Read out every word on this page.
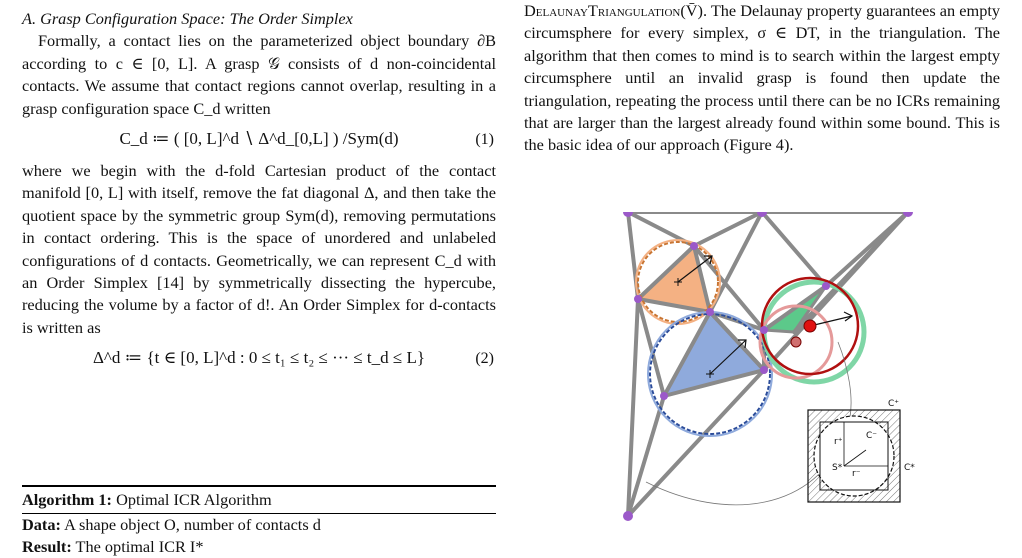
A. Grasp Configuration Space: The Order Simplex

Formally, a contact lies on the parameterized object boundary ∂B according to c ∈ [0, L]. A grasp 𝒢 consists of d non-coincidental contacts. We assume that contact regions cannot overlap, resulting in a grasp configuration space C_d written

C_d ≔ ( [0, L]^d ∖ Δ^d_[0,L] ) /Sym(d)	(1)

where we begin with the d-fold Cartesian product of the contact manifold [0, L] with itself, remove the fat diagonal Δ, and then take the quotient space by the symmetric group Sym(d), removing permutations in contact ordering. This is the space of unordered and unlabeled configurations of d contacts. Geometrically, we can represent C_d with an Order Simplex [14] by symmetrically dissecting the hypercube, reducing the volume by a factor of d!. An Order Simplex for d-contacts is written as

Δ^d ≔ {t ∈ [0, L]^d : 0 ≤ t₁ ≤ t₂ ≤ ··· ≤ t_d ≤ L}	(2)
Algorithm 1: Optimal ICR Algorithm
Data: A shape object O, number of contacts d
Result: The optimal ICR I*

DelaunayTriangulation(V̄). The Delaunay property guarantees an empty circumsphere for every simplex, σ ∈ DT, in the triangulation. The algorithm that then comes to mind is to search within the largest empty circumsphere until an invalid grasp is found then update the triangulation, repeating the process until there can be no ICRs remaining that are larger than the largest already found within some bound. This is the basic idea of our approach (Figure 4).

C⁺
r⁺
C⁻
S*
r⁻
C*
